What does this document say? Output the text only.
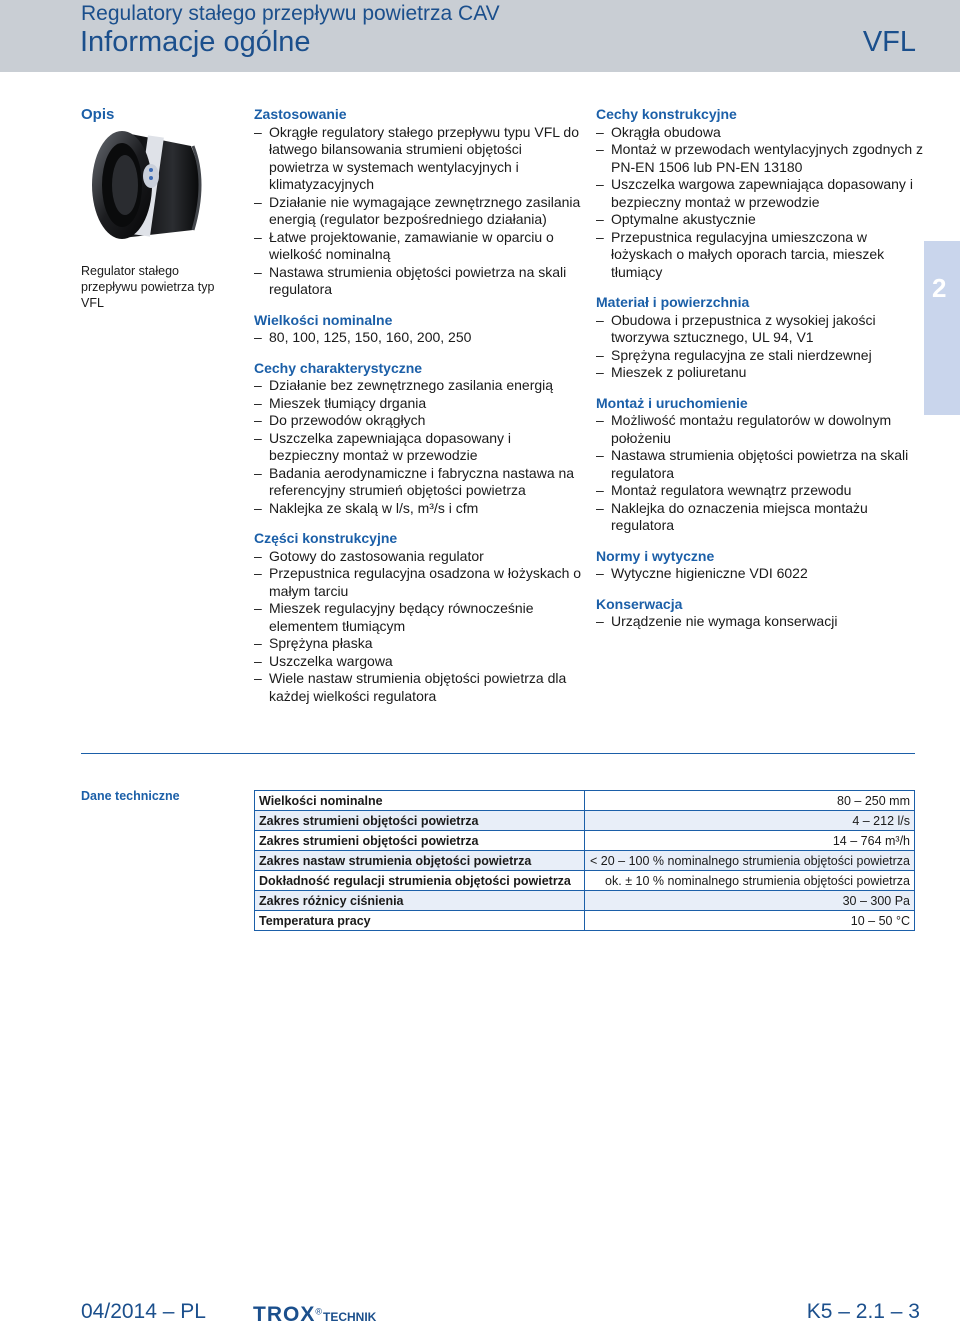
Regulatory stałego przepływu powietrza CAV
Informacje ogólne	VFL
2
Opis
Regulator stałego przepływu powietrza typ VFL
Zastosowanie
– Okrągłe regulatory stałego przepływu typu VFL do łatwego bilansowania strumieni objętości powietrza w systemach wentylacyjnych i klimatyzacyjnych
– Działanie nie wymagające zewnętrznego zasilania energią (regulator bezpośredniego działania)
– Łatwe projektowanie, zamawianie w oparciu o wielkość nominalną
– Nastawa strumienia objętości powietrza na skali regulatora
Wielkości nominalne
– 80, 100, 125, 150, 160, 200, 250
Cechy charakterystyczne
– Działanie bez zewnętrznego zasilania energią
– Mieszek tłumiący drgania
– Do przewodów okrągłych
– Uszczelka zapewniająca dopasowany i bezpieczny montaż w przewodzie
– Badania aerodynamiczne i fabryczna nastawa na referencyjny strumień objętości powietrza
– Naklejka ze skalą w l/s, m³/s i cfm
Części konstrukcyjne
– Gotowy do zastosowania regulator
– Przepustnica regulacyjna osadzona w łożyskach o małym tarciu
– Mieszek regulacyjny będący równocześnie elementem tłumiącym
– Sprężyna płaska
– Uszczelka wargowa
– Wiele nastaw strumienia objętości powietrza dla każdej wielkości regulatora
Cechy konstrukcyjne
– Okrągła obudowa
– Montaż w przewodach wentylacyjnych zgodnych z PN-EN 1506 lub PN-EN 13180
– Uszczelka wargowa zapewniająca dopasowany i bezpieczny montaż w przewodzie
– Optymalne akustycznie
– Przepustnica regulacyjna umieszczona w łożyskach o małych oporach tarcia, mieszek tłumiący
Materiał i powierzchnia
– Obudowa i przepustnica z wysokiej jakości tworzywa sztucznego, UL 94, V1
– Sprężyna regulacyjna ze stali nierdzewnej
– Mieszek z poliuretanu
Montaż i uruchomienie
– Możliwość montażu regulatorów w dowolnym położeniu
– Nastawa strumienia objętości powietrza na skali regulatora
– Montaż regulatora wewnątrz przewodu
– Naklejka do oznaczenia miejsca montażu regulatora
Normy i wytyczne
– Wytyczne higieniczne VDI 6022
Konserwacja
– Urządzenie nie wymaga konserwacji
Dane techniczne	Wielkości nominalne	80 – 250 mm
Zakres strumieni objętości powietrza	4 – 212 l/s
Zakres strumieni objętości powietrza	14 – 764 m³/h
Zakres nastaw strumienia objętości powietrza	< 20 – 100 % nominalnego strumienia objętości powietrza
Dokładność regulacji strumienia objętości powietrza	ok. ± 10 % nominalnego strumienia objętości powietrza
Zakres różnicy ciśnienia	30 – 300 Pa
Temperatura pracy	10 – 50 °C
04/2014 – PL TROX®TECHNIK	K5 – 2.1 – 3
